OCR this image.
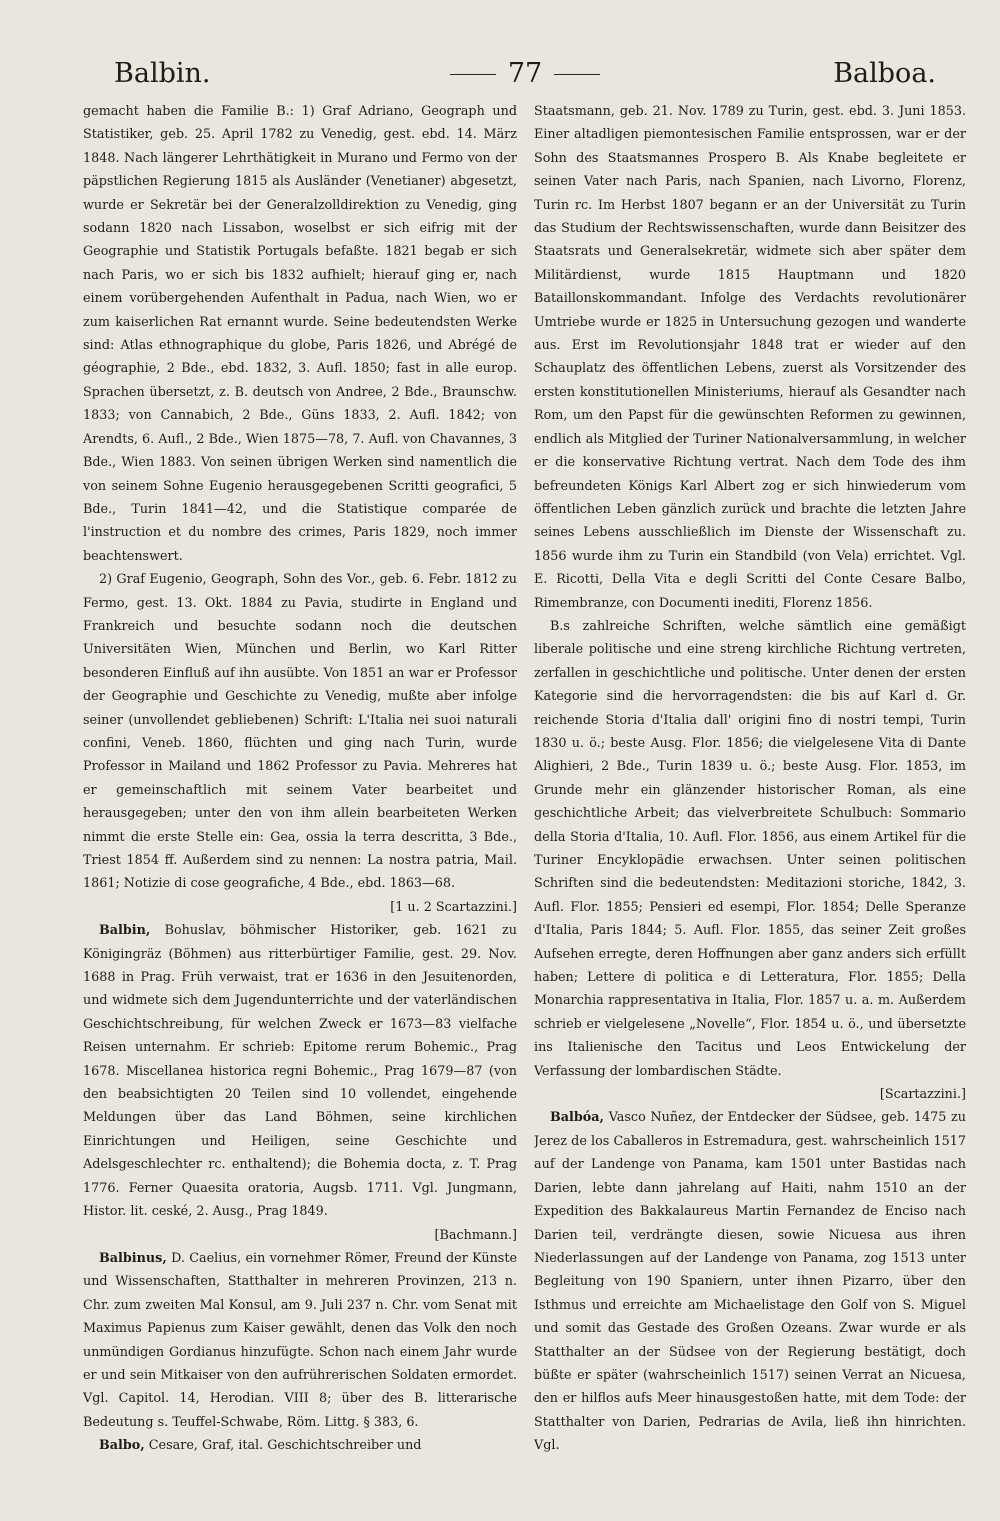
Balbin.	77	Balboa.

gemacht haben die Familie B.: 1) Graf Adriano, Geograph und Statistiker, geb. 25. April 1782 zu Venedig, gest. ebd. 14. März 1848. Nach längerer Lehrthätigkeit in Murano und Fermo von der päpstlichen Regierung 1815 als Ausländer (Venetianer) abgesetzt, wurde er Sekretär bei der Generalzolldirektion zu Venedig, ging sodann 1820 nach Lissabon, woselbst er sich eifrig mit der Geographie und Statistik Portugals befaßte. 1821 begab er sich nach Paris, wo er sich bis 1832 aufhielt; hierauf ging er, nach einem vorübergehenden Aufenthalt in Padua, nach Wien, wo er zum kaiserlichen Rat ernannt wurde. Seine bedeutendsten Werke sind: Atlas ethnographique du globe, Paris 1826, und Abrégé de géographie, 2 Bde., ebd. 1832, 3. Aufl. 1850; fast in alle europ. Sprachen übersetzt, z. B. deutsch von Andree, 2 Bde., Braunschw. 1833; von Cannabich, 2 Bde., Güns 1833, 2. Aufl. 1842; von Arendts, 6. Aufl., 2 Bde., Wien 1875—78, 7. Aufl. von Chavannes, 3 Bde., Wien 1883. Von seinen übrigen Werken sind namentlich die von seinem Sohne Eugenio herausgegebenen Scritti geografici, 5 Bde., Turin 1841—42, und die Statistique comparée de l'instruction et du nombre des crimes, Paris 1829, noch immer beachtenswert.

2) Graf Eugenio, Geograph, Sohn des Vor., geb. 6. Febr. 1812 zu Fermo, gest. 13. Okt. 1884 zu Pavia, studirte in England und Frankreich und besuchte sodann noch die deutschen Universitäten Wien, München und Berlin, wo Karl Ritter besonderen Einfluß auf ihn ausübte. Von 1851 an war er Professor der Geographie und Geschichte zu Venedig, mußte aber infolge seiner (unvollendet gebliebenen) Schrift: L'Italia nei suoi naturali confini, Veneb. 1860, flüchten und ging nach Turin, wurde Professor in Mailand und 1862 Professor zu Pavia. Mehreres hat er gemeinschaftlich mit seinem Vater bearbeitet und herausgegeben; unter den von ihm allein bearbeiteten Werken nimmt die erste Stelle ein: Gea, ossia la terra descritta, 3 Bde., Triest 1854 ff. Außerdem sind zu nennen: La nostra patria, Mail. 1861; Notizie di cose geografiche, 4 Bde., ebd. 1863—68.
[1 u. 2 Scartazzini.]

Balbin, Bohuslav, böhmischer Historiker, geb. 1621 zu Königingräz (Böhmen) aus ritterbürtiger Familie, gest. 29. Nov. 1688 in Prag. Früh verwaist, trat er 1636 in den Jesuitenorden, und widmete sich dem Jugendunterrichte und der vaterländischen Geschichtschreibung, für welchen Zweck er 1673—83 vielfache Reisen unternahm. Er schrieb: Epitome rerum Bohemic., Prag 1678. Miscellanea historica regni Bohemic., Prag 1679—87 (von den beabsichtigten 20 Teilen sind 10 vollendet, eingehende Meldungen über das Land Böhmen, seine kirchlichen Einrichtungen und Heiligen, seine Geschichte und Adelsgeschlechter rc. enthaltend); die Bohemia docta, z. T. Prag 1776. Ferner Quaesita oratoria, Augsb. 1711. Vgl. Jungmann, Histor. lit. ceské, 2. Ausg., Prag 1849.
[Bachmann.]

Balbinus, D. Caelius, ein vornehmer Römer, Freund der Künste und Wissenschaften, Statthalter in mehreren Provinzen, 213 n. Chr. zum zweiten Mal Konsul, am 9. Juli 237 n. Chr. vom Senat mit Maximus Papienus zum Kaiser gewählt, denen das Volk den noch unmündigen Gordianus hinzufügte. Schon nach einem Jahr wurde er und sein Mitkaiser von den aufrührerischen Soldaten ermordet. Vgl. Capitol. 14, Herodian. VIII 8; über des B. litterarische Bedeutung s. Teuffel-Schwabe, Röm. Littg. § 383, 6.

Balbo, Cesare, Graf, ital. Geschichtschreiber und

Staatsmann, geb. 21. Nov. 1789 zu Turin, gest. ebd. 3. Juni 1853. Einer altadligen piemontesischen Familie entsprossen, war er der Sohn des Staatsmannes Prospero B. Als Knabe begleitete er seinen Vater nach Paris, nach Spanien, nach Livorno, Florenz, Turin rc. Im Herbst 1807 begann er an der Universität zu Turin das Studium der Rechtswissenschaften, wurde dann Beisitzer des Staatsrats und Generalsekretär, widmete sich aber später dem Militärdienst, wurde 1815 Hauptmann und 1820 Bataillonskommandant. Infolge des Verdachts revolutionärer Umtriebe wurde er 1825 in Untersuchung gezogen und wanderte aus. Erst im Revolutionsjahr 1848 trat er wieder auf den Schauplatz des öffentlichen Lebens, zuerst als Vorsitzender des ersten konstitutionellen Ministeriums, hierauf als Gesandter nach Rom, um den Papst für die gewünschten Reformen zu gewinnen, endlich als Mitglied der Turiner Nationalversammlung, in welcher er die konservative Richtung vertrat. Nach dem Tode des ihm befreundeten Königs Karl Albert zog er sich hinwiederum vom öffentlichen Leben gänzlich zurück und brachte die letzten Jahre seines Lebens ausschließlich im Dienste der Wissenschaft zu. 1856 wurde ihm zu Turin ein Standbild (von Vela) errichtet. Vgl. E. Ricotti, Della Vita e degli Scritti del Conte Cesare Balbo, Rimembranze, con Documenti inediti, Florenz 1856.

B.s zahlreiche Schriften, welche sämtlich eine gemäßigt liberale politische und eine streng kirchliche Richtung vertreten, zerfallen in geschichtliche und politische. Unter denen der ersten Kategorie sind die hervorragendsten: die bis auf Karl d. Gr. reichende Storia d'Italia dall' origini fino di nostri tempi, Turin 1830 u. ö.; beste Ausg. Flor. 1856; die vielgelesene Vita di Dante Alighieri, 2 Bde., Turin 1839 u. ö.; beste Ausg. Flor. 1853, im Grunde mehr ein glänzender historischer Roman, als eine geschichtliche Arbeit; das vielverbreitete Schulbuch: Sommario della Storia d'Italia, 10. Aufl. Flor. 1856, aus einem Artikel für die Turiner Encyklopädie erwachsen. Unter seinen politischen Schriften sind die bedeutendsten: Meditazioni storiche, 1842, 3. Aufl. Flor. 1855; Pensieri ed esempi, Flor. 1854; Delle Speranze d'Italia, Paris 1844; 5. Aufl. Flor. 1855, das seiner Zeit großes Aufsehen erregte, deren Hoffnungen aber ganz anders sich erfüllt haben; Lettere di politica e di Letteratura, Flor. 1855; Della Monarchia rappresentativa in Italia, Flor. 1857 u. a. m. Außerdem schrieb er vielgelesene „Novelle“, Flor. 1854 u. ö., und übersetzte ins Italienische den Tacitus und Leos Entwickelung der Verfassung der lombardischen Städte.
[Scartazzini.]

Balbóa, Vasco Nuñez, der Entdecker der Südsee, geb. 1475 zu Jerez de los Caballeros in Estremadura, gest. wahrscheinlich 1517 auf der Landenge von Panama, kam 1501 unter Bastidas nach Darien, lebte dann jahrelang auf Haiti, nahm 1510 an der Expedition des Bakkalaureus Martin Fernandez de Enciso nach Darien teil, verdrängte diesen, sowie Nicuesa aus ihren Niederlassungen auf der Landenge von Panama, zog 1513 unter Begleitung von 190 Spaniern, unter ihnen Pizarro, über den Isthmus und erreichte am Michaelistage den Golf von S. Miguel und somit das Gestade des Großen Ozeans. Zwar wurde er als Statthalter an der Südsee von der Regierung bestätigt, doch büßte er später (wahrscheinlich 1517) seinen Verrat an Nicuesa, den er hilflos aufs Meer hinausgestoßen hatte, mit dem Tode: der Statthalter von Darien, Pedrarias de Avila, ließ ihn hinrichten. Vgl.
